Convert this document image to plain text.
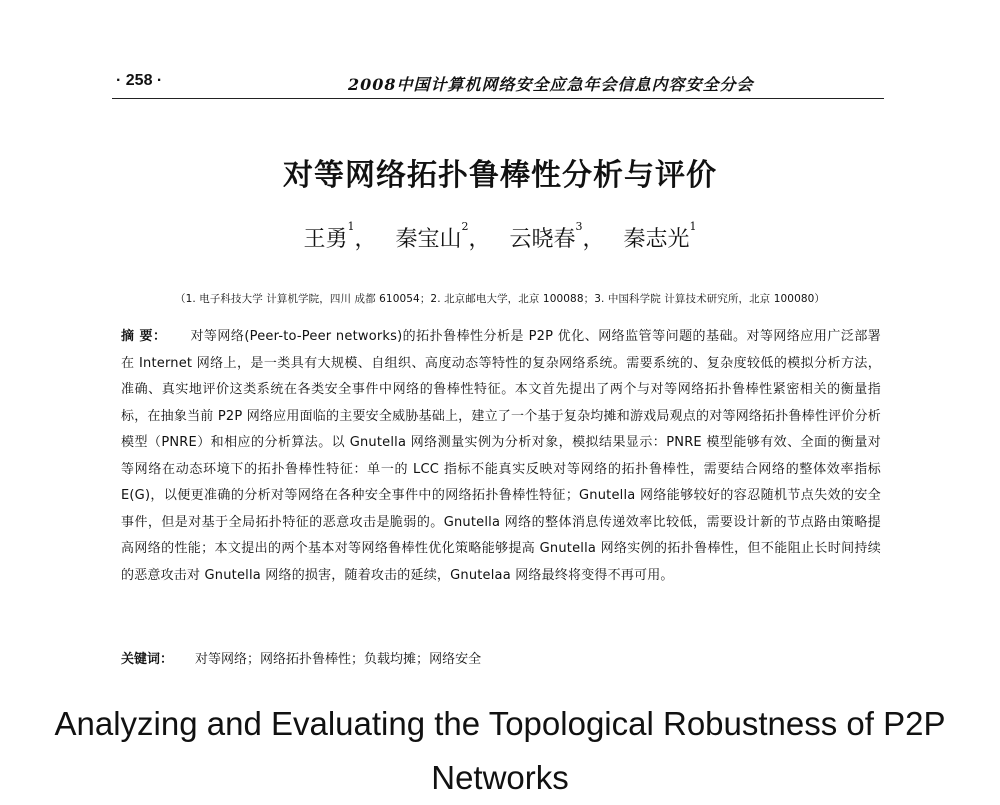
· 258 ·	2008中国计算机网络安全应急年会信息内容安全分会
对等网络拓扑鲁棒性分析与评价
王勇$^1$， 秦宝山$^2$， 云晓春$^3$， 秦志光$^1$
（1. 电子科技大学 计算机学院，四川 成都 610054；2. 北京邮电大学，北京 100088；3. 中国科学院 计算技术研究所，北京 100080）
摘 要： 对等网络(Peer-to-Peer networks)的拓扑鲁棒性分析是 P2P 优化、网络监管等问题的基础。对等网络应用广泛部署在 Internet 网络上，是一类具有大规模、自组织、高度动态等特性的复杂网络系统。需要系统的、复杂度较低的模拟分析方法，准确、真实地评价这类系统在各类安全事件中网络的鲁棒性特征。本文首先提出了两个与对等网络拓扑鲁棒性紧密相关的衡量指标，在抽象当前 P2P 网络应用面临的主要安全威胁基础上，建立了一个基于复杂均摊和游戏局观点的对等网络拓扑鲁棒性评价分析模型（PNRE）和相应的分析算法。以 Gnutella 网络测量实例为分析对象，模拟结果显示：PNRE 模型能够有效、全面的衡量对等网络在动态环境下的拓扑鲁棒性特征：单一的 LCC 指标不能真实反映对等网络的拓扑鲁棒性，需要结合网络的整体效率指标 E(G)，以便更准确的分析对等网络在各种安全事件中的网络拓扑鲁棒性特征；Gnutella 网络能够较好的容忍随机节点失效的安全事件，但是对基于全局拓扑特征的恶意攻击是脆弱的。Gnutella 网络的整体消息传递效率比较低，需要设计新的节点路由策略提高网络的性能；本文提出的两个基本对等网络鲁棒性优化策略能够提高 Gnutella 网络实例的拓扑鲁棒性，但不能阻止长时间持续的恶意攻击对 Gnutella 网络的损害，随着攻击的延续，Gnutelaa 网络最终将变得不再可用。
关键词： 对等网络；网络拓扑鲁棒性；负载均摊；网络安全
Analyzing and Evaluating the Topological Robustness of P2P Networks
